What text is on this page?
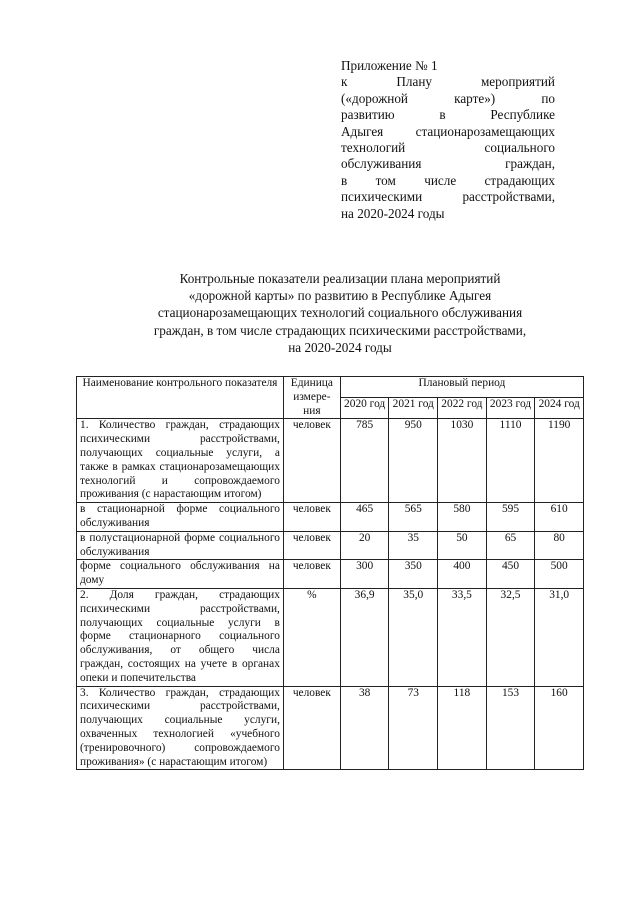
Приложение № 1
к Плану мероприятий
(«дорожной карте») по
развитию в Республике
Адыгея стационарозамещающих
технологий социального
обслуживания граждан,
в том числе страдающих
психическими расстройствами,
на 2020-2024 годы
Контрольные показатели реализации плана мероприятий
«дорожной карты» по развитию в Республике Адыгея
стационарозамещающих технологий социального обслуживания
граждан, в том числе страдающих психическими расстройствами,
на 2020-2024 годы
Наименование контрольного показателя	Единица измере-ния	Плановый период				
		2020 год	2021 год	2022 год	2023 год	2024 год
1. Количество граждан, страдающих психическими расстройствами, получающих социальные услуги, а также в рамках стационарозамещающих технологий и сопровождаемого проживания (с нарастающим итогом)	человек	785	950	1030	1110	1190
в стационарной форме социального обслуживания	человек	465	565	580	595	610
в полустационарной форме социального обслуживания	человек	20	35	50	65	80
форме социального обслуживания на дому	человек	300	350	400	450	500
2. Доля граждан, страдающих психическими расстройствами, получающих социальные услуги в форме стационарного социального обслуживания, от общего числа граждан, состоящих на учете в органах опеки и попечительства	%	36,9	35,0	33,5	32,5	31,0
3. Количество граждан, страдающих психическими расстройствами, получающих социальные услуги, охваченных технологией «учебного (тренировочного) сопровождаемого проживания» (с нарастающим итогом)	человек	38	73	118	153	160
